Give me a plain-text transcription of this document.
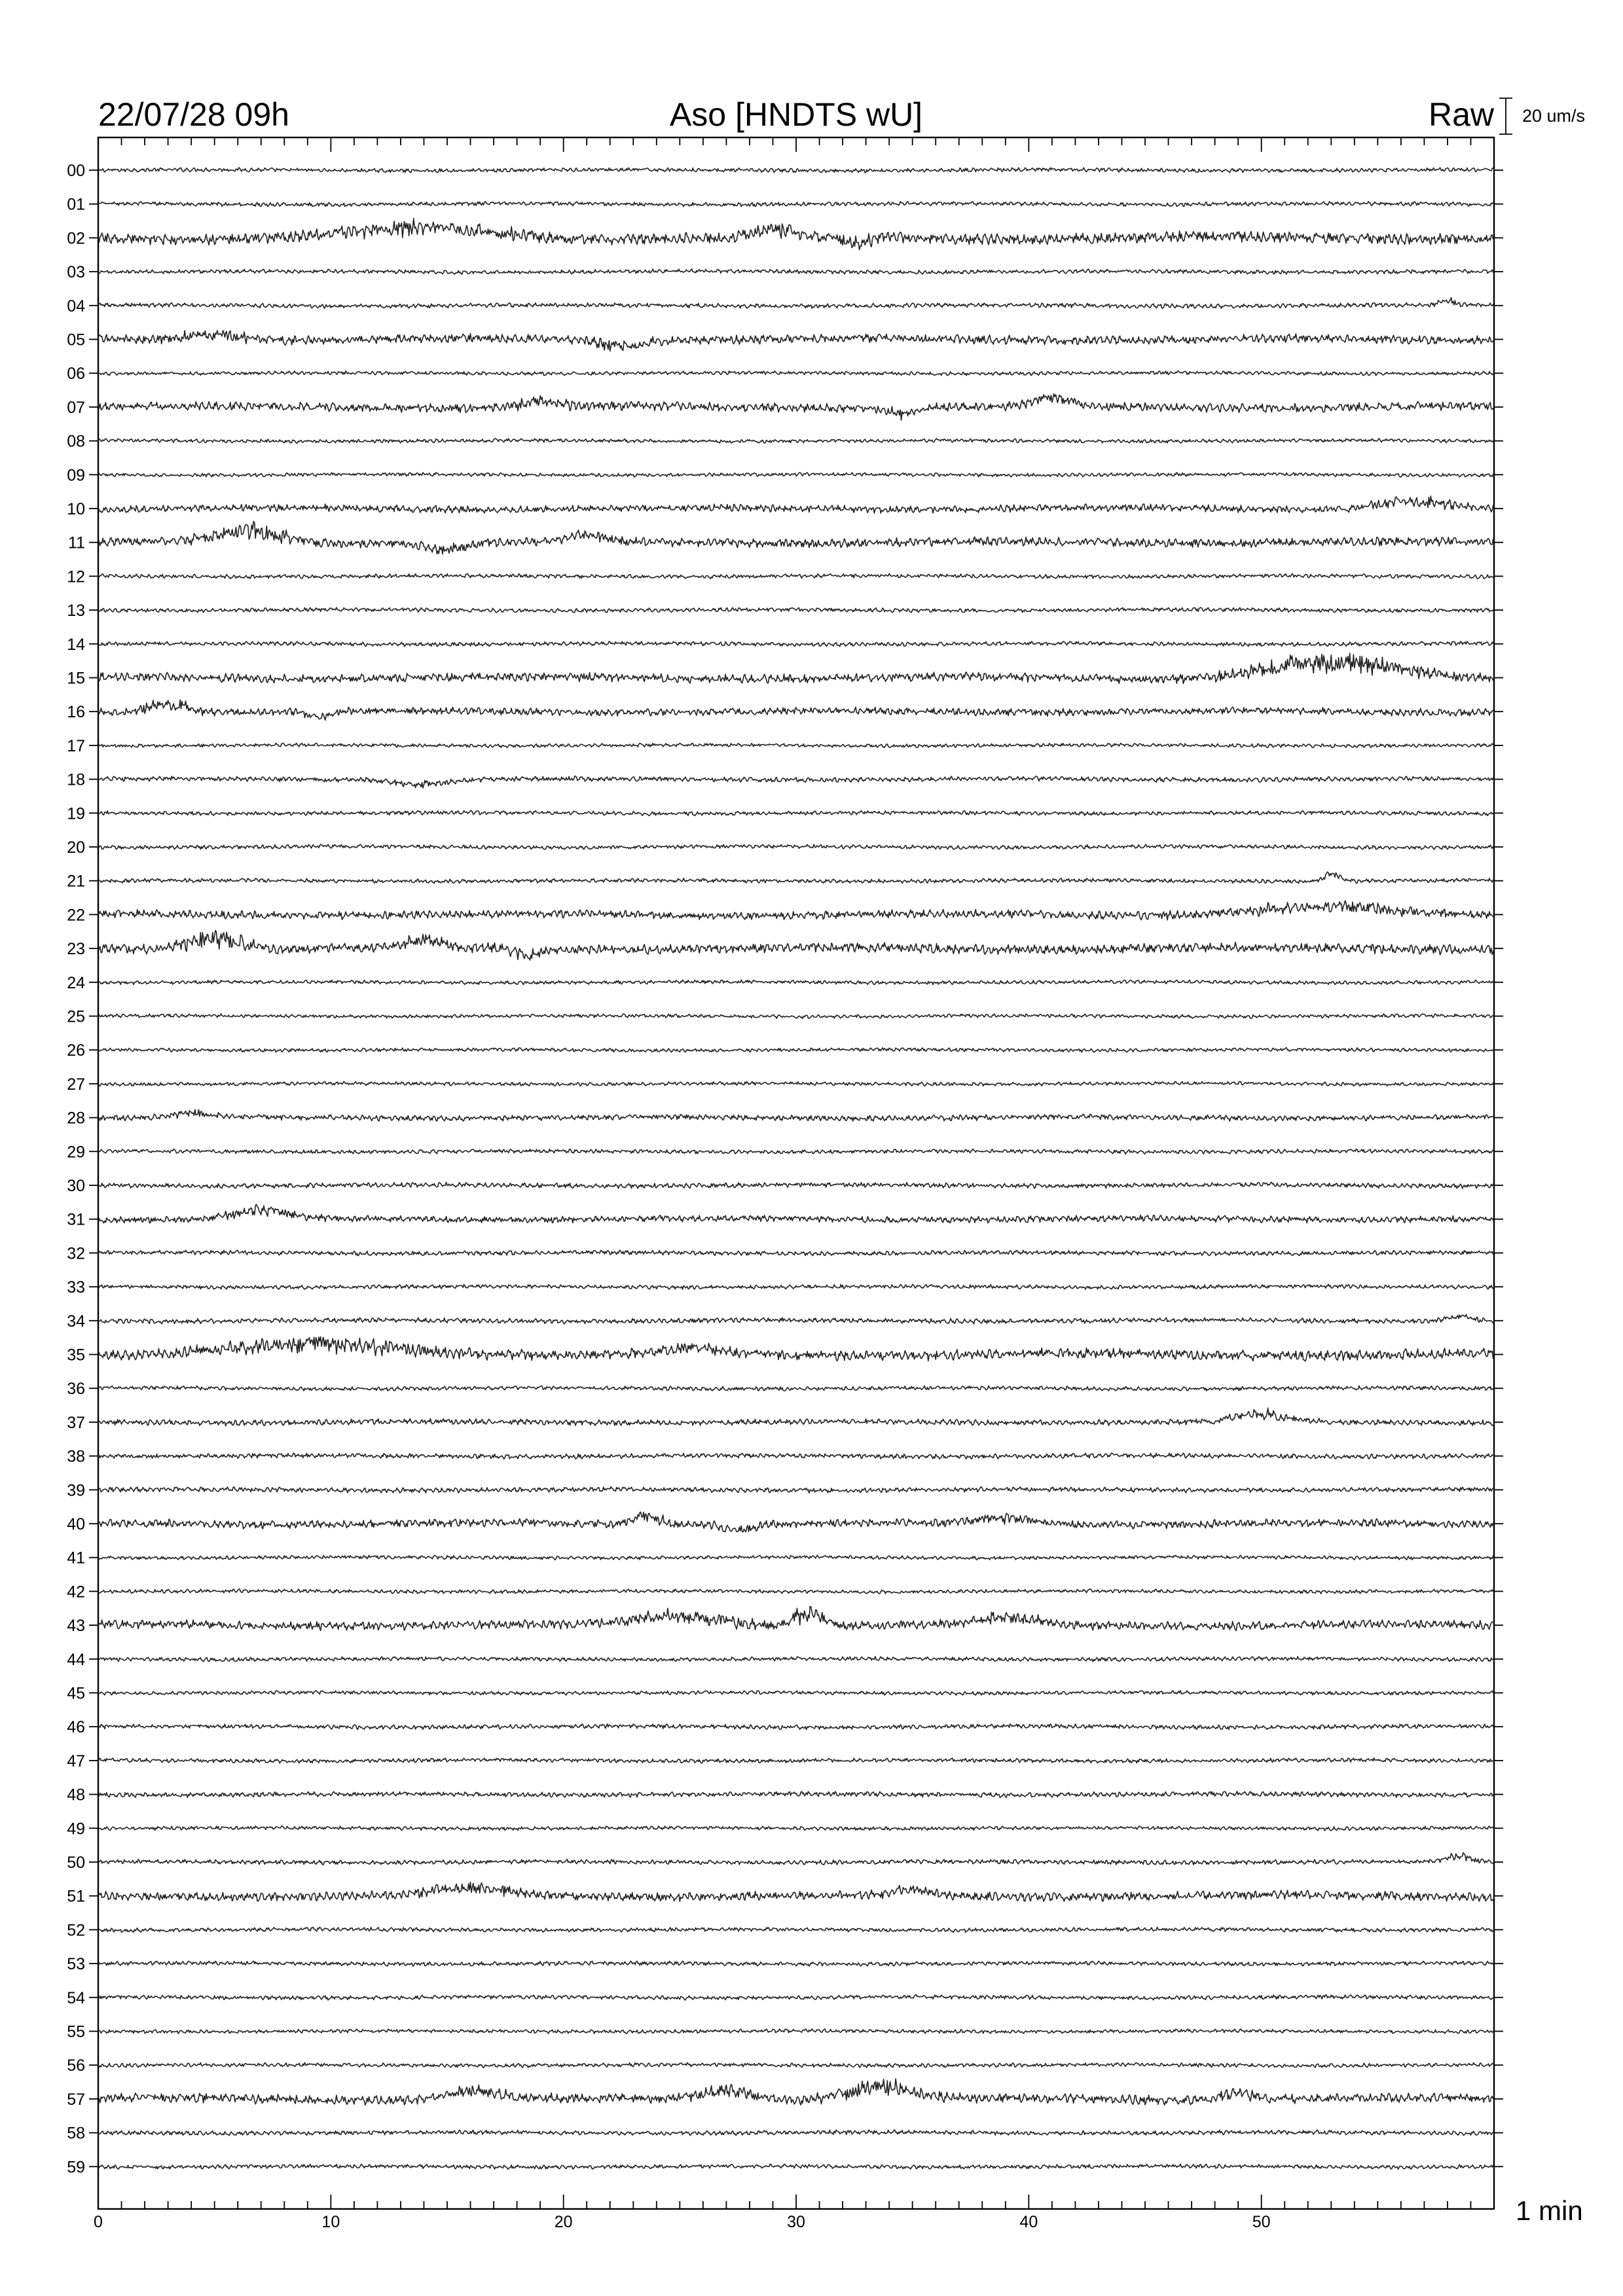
22/07/28 09h	Aso [HNDTS wU]	Raw 20 um/s
00
01
02
03
04
05
06
07
08
09
10
11
12
13
14
15
16
17
18
19
20
21
22
23
24
25
26
27
28
29
30
31
32
33
34
35
36
37
38
39
40
41
42
43
44
45
46
47
48
49
50
51
52
53
54
55
56
57
58
59
0	10	20	30	40	50	1 min
